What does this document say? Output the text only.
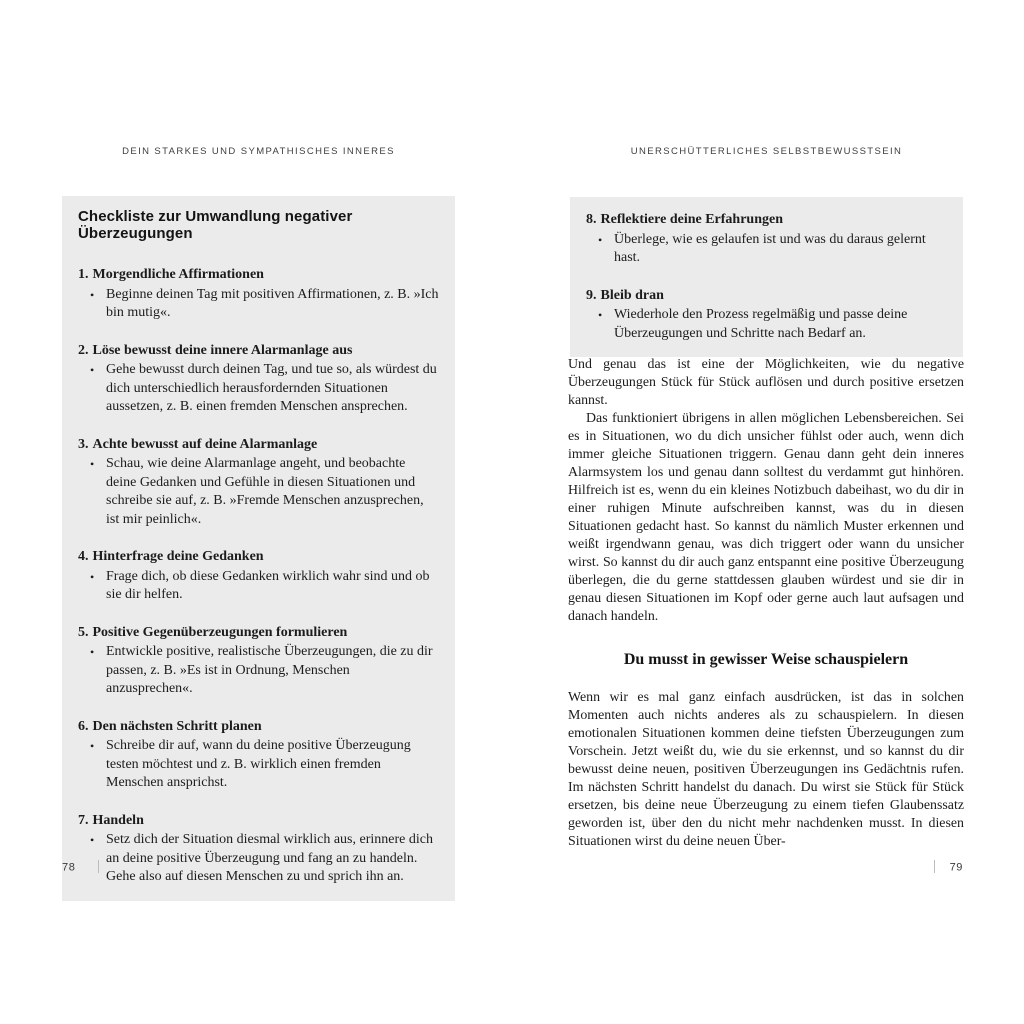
DEIN STARKES UND SYMPATHISCHES INNERES	UNERSCHÜTTERLICHES SELBSTBEWUSSTSEIN
Checkliste zur Umwandlung negativer Überzeugungen
1. Morgendliche Affirmationen
• Beginne deinen Tag mit positiven Affirmationen, z. B. »Ich bin mutig«.
2. Löse bewusst deine innere Alarmanlage aus
• Gehe bewusst durch deinen Tag, und tue so, als würdest du dich unterschiedlich herausfordernden Situationen aussetzen, z. B. einen fremden Menschen ansprechen.
3. Achte bewusst auf deine Alarmanlage
• Schau, wie deine Alarmanlage angeht, und beobachte deine Gedanken und Gefühle in diesen Situationen und schreibe sie auf, z. B. »Fremde Menschen anzusprechen, ist mir peinlich«.
4. Hinterfrage deine Gedanken
• Frage dich, ob diese Gedanken wirklich wahr sind und ob sie dir helfen.
5. Positive Gegenüberzeugungen formulieren
• Entwickle positive, realistische Überzeugungen, die zu dir passen, z. B. »Es ist in Ordnung, Menschen anzusprechen«.
6. Den nächsten Schritt planen
• Schreibe dir auf, wann du deine positive Überzeugung testen möchtest und z. B. wirklich einen fremden Menschen ansprichst.
7. Handeln
• Setz dich der Situation diesmal wirklich aus, erinnere dich an deine positive Überzeugung und fang an zu handeln. Gehe also auf diesen Menschen zu und sprich ihn an.
8. Reflektiere deine Erfahrungen
• Überlege, wie es gelaufen ist und was du daraus gelernt hast.
9. Bleib dran
• Wiederhole den Prozess regelmäßig und passe deine Überzeugungen und Schritte nach Bedarf an.

Und genau das ist eine der Möglichkeiten, wie du negative Überzeugungen Stück für Stück auflösen und durch positive ersetzen kannst.

Das funktioniert übrigens in allen möglichen Lebensbereichen. Sei es in Situationen, wo du dich unsicher fühlst oder auch, wenn dich immer gleiche Situationen triggern. Genau dann geht dein inneres Alarmsystem los und genau dann solltest du verdammt gut hinhören. Hilfreich ist es, wenn du ein kleines Notizbuch dabeihast, wo du dir in einer ruhigen Minute aufschreiben kannst, was du in diesen Situationen gedacht hast. So kannst du nämlich Muster erkennen und weißt irgendwann genau, was dich triggert oder wann du unsicher wirst. So kannst du dir auch ganz entspannt eine positive Überzeugung überlegen, die du gerne stattdessen glauben würdest und sie dir in genau diesen Situationen im Kopf oder gerne auch laut aufsagen und danach handeln.

Du musst in gewisser Weise schauspielern

Wenn wir es mal ganz einfach ausdrücken, ist das in solchen Momenten auch nichts anderes als zu schauspielern. In diesen emotionalen Situationen kommen deine tiefsten Überzeugungen zum Vorschein. Jetzt weißt du, wie du sie erkennst, und so kannst du dir bewusst deine neuen, positiven Überzeugungen ins Gedächtnis rufen. Im nächsten Schritt handelst du danach. Du wirst sie Stück für Stück ersetzen, bis deine neue Überzeugung zu einem tiefen Glaubenssatz geworden ist, über den du nicht mehr nachdenken musst. In diesen Situationen wirst du deine neuen Über-

78	79
